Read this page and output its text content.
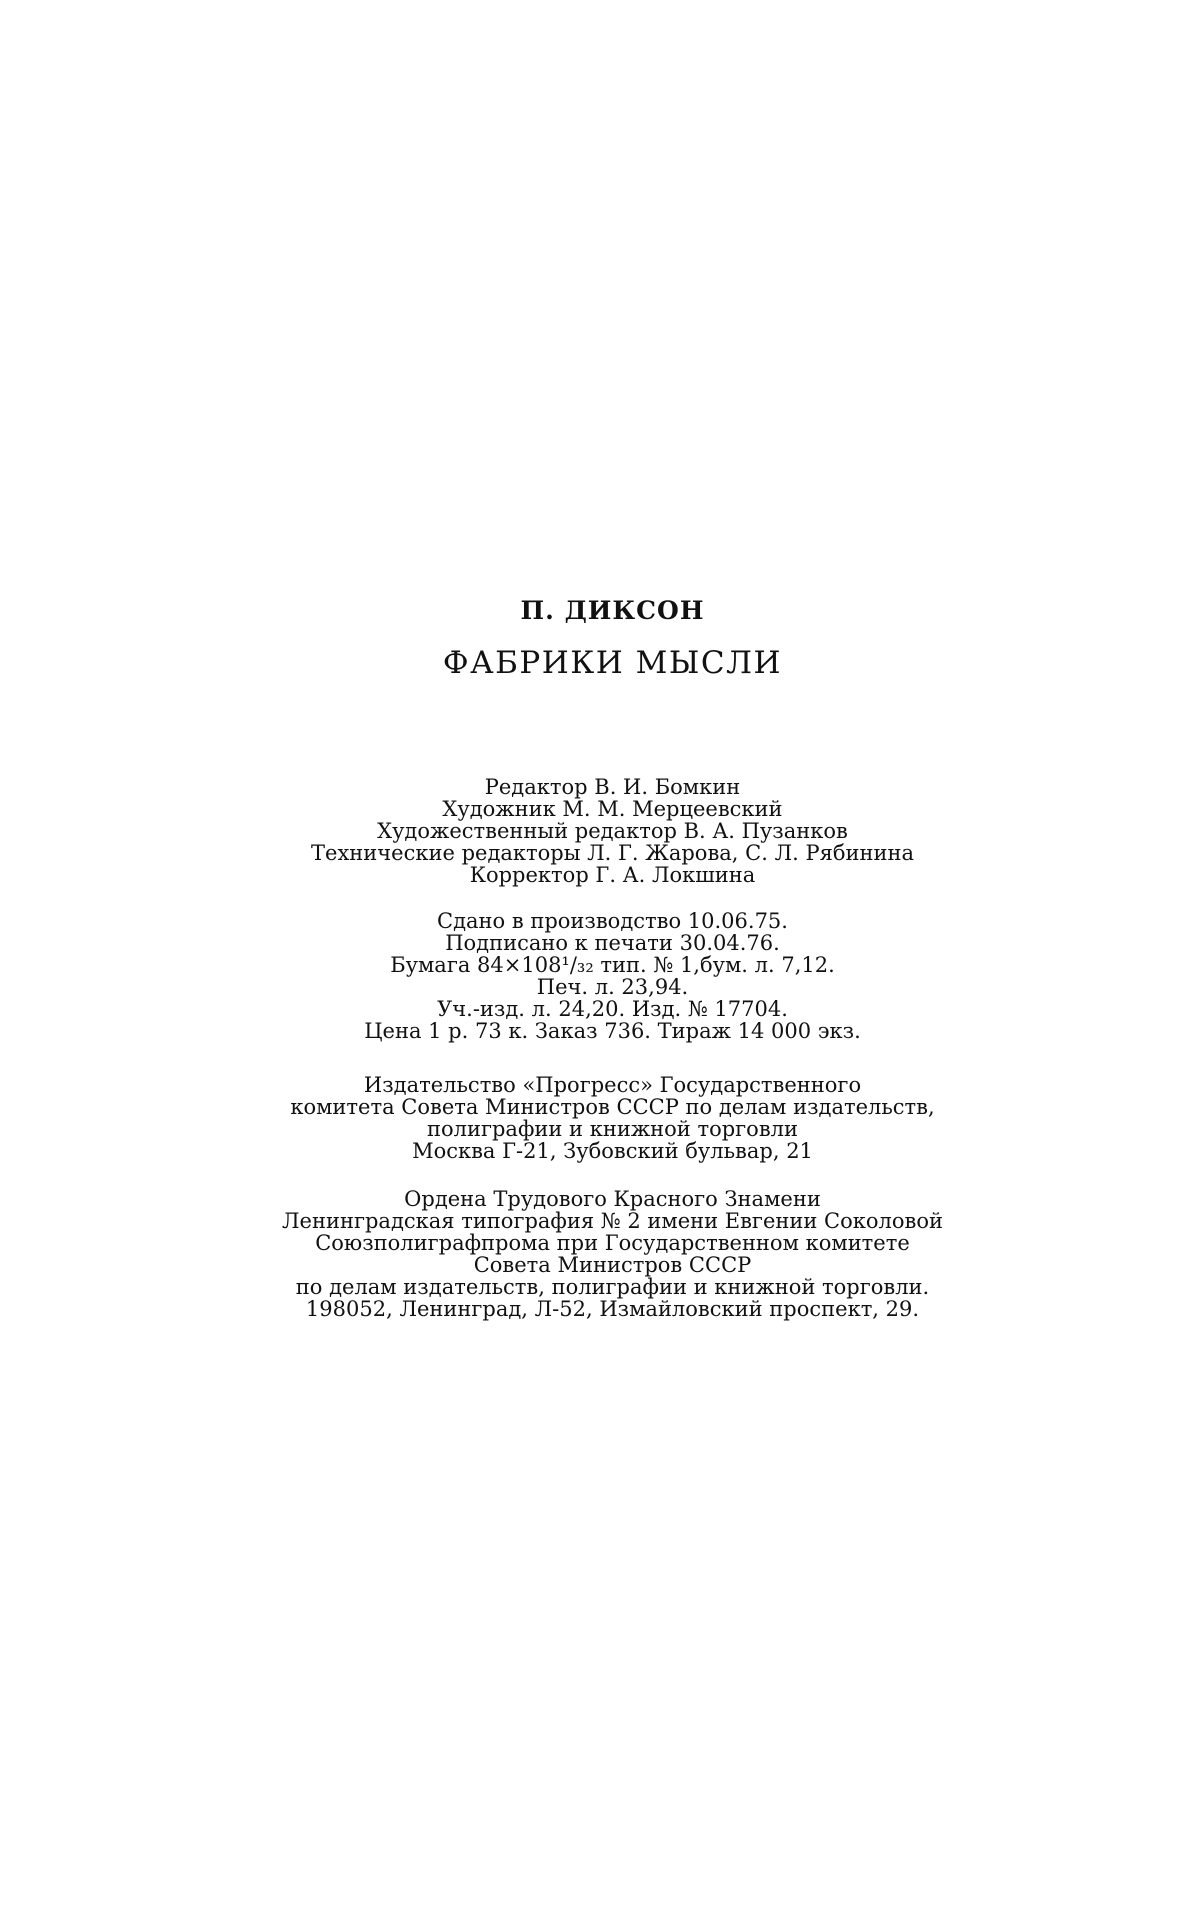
П. ДИКСОН
ФАБРИКИ МЫСЛИ
Редактор В. И. Бомкин
Художник М. М. Мерцеевский
Художественный редактор В. А. Пузанков
Технические редакторы Л. Г. Жарова, С. Л. Рябинина
Корректор Г. А. Локшина
Сдано в производство 10.06.75.
Подписано к печати 30.04.76.
Бумага 84×108¹/₃₂ тип. № 1,бум. л. 7,12.
Печ. л. 23,94.
Уч.-изд. л. 24,20. Изд. № 17704.
Цена 1 р. 73 к. Заказ 736. Тираж 14 000 экз.
Издательство «Прогресс» Государственного
комитета Совета Министров СССР по делам издательств,
полиграфии и книжной торговли
Москва Г-21, Зубовский бульвар, 21
Ордена Трудового Красного Знамени
Ленинградская типография № 2 имени Евгении Соколовой
Союзполиграфпрома при Государственном комитете
Совета Министров СССР
по делам издательств, полиграфии и книжной торговли.
198052, Ленинград, Л-52, Измайловский проспект, 29.
